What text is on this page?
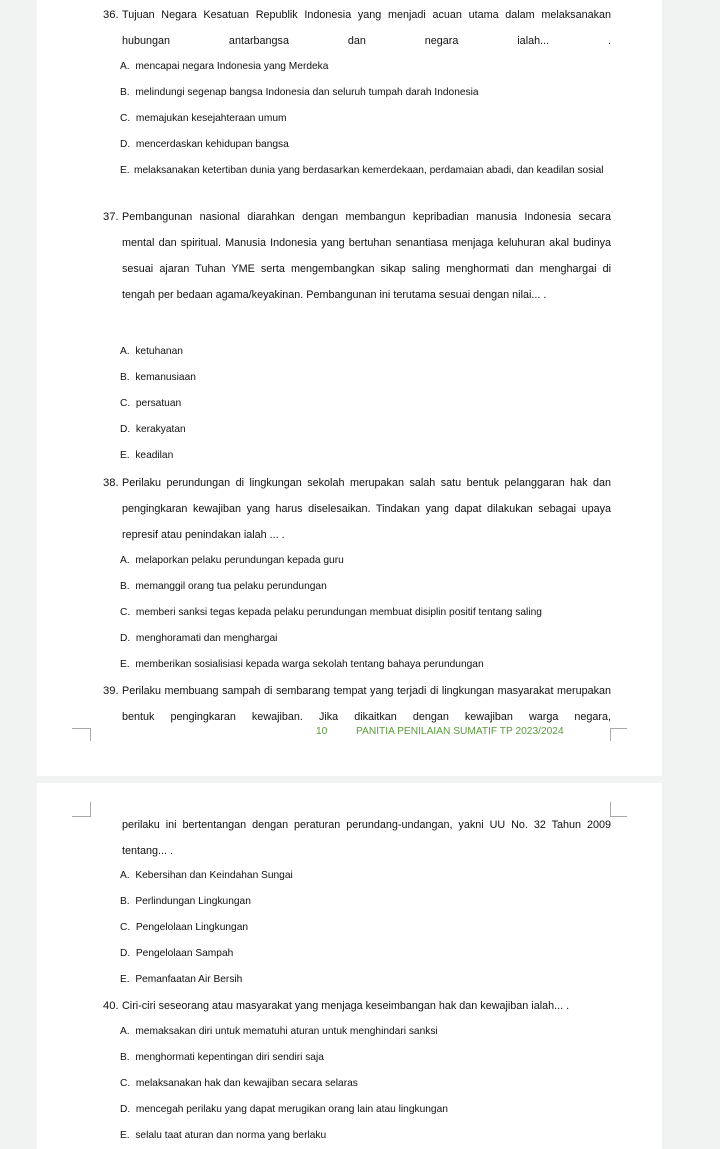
36. Tujuan Negara Kesatuan Republik Indonesia yang menjadi acuan utama dalam melaksanakan hubungan antarbangsa dan negara ialah... .

A. mencapai negara Indonesia yang Merdeka

B. melindungi segenap bangsa Indonesia dan seluruh tumpah darah Indonesia

C. memajukan kesejahteraan umum

D. mencerdaskan kehidupan bangsa

E. melaksanakan ketertiban dunia yang berdasarkan kemerdekaan, perdamaian abadi, dan keadilan sosial

37. Pembangunan nasional diarahkan dengan membangun kepribadian manusia Indonesia secara mental dan spiritual. Manusia Indonesia yang bertuhan senantiasa menjaga keluhuran akal budinya sesuai ajaran Tuhan YME serta mengembangkan sikap saling menghormati dan menghargai di tengah per bedaan agama/keyakinan. Pembangunan ini terutama sesuai dengan nilai... .

A. ketuhanan

B. kemanusiaan

C. persatuan

D. kerakyatan

E. keadilan

38. Perilaku perundungan di lingkungan sekolah merupakan salah satu bentuk pelanggaran hak dan pengingkaran kewajiban yang harus diselesaikan. Tindakan yang dapat dilakukan sebagai upaya represif atau penindakan ialah ... .

A. melaporkan pelaku perundungan kepada guru

B. memanggil orang tua pelaku perundungan

C. memberi sanksi tegas kepada pelaku perundungan membuat disiplin positif tentang saling

D. menghoramati dan menghargai

E. memberikan sosialisiasi kepada warga sekolah tentang bahaya perundungan

39. Perilaku membuang sampah di sembarang tempat yang terjadi di lingkungan masyarakat merupakan bentuk pengingkaran kewajiban. Jika dikaitkan dengan kewajiban warga negara,

10	PANITIA PENILAIAN SUMATIF TP 2023/2024

perilaku ini bertentangan dengan peraturan perundang-undangan, yakni UU No. 32 Tahun 2009 tentang... .

A. Kebersihan dan Keindahan Sungai

B. Perlindungan Lingkungan

C. Pengelolaan Lingkungan

D. Pengelolaan Sampah

E. Pemanfaatan Air Bersih

40. Ciri-ciri seseorang atau masyarakat yang menjaga keseimbangan hak dan kewajiban ialah... .

A. memaksakan diri untuk mematuhi aturan untuk menghindari sanksi

B. menghormati kepentingan diri sendiri saja

C. melaksanakan hak dan kewajiban secara selaras

D. mencegah perilaku yang dapat merugikan orang lain atau lingkungan

E. selalu taat aturan dan norma yang berlaku
